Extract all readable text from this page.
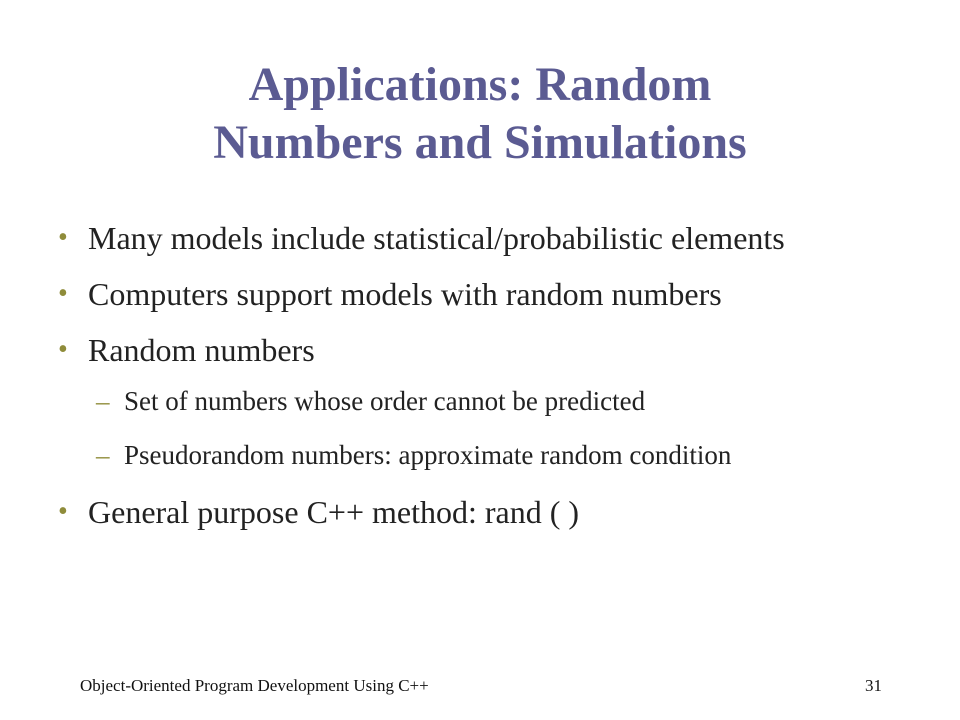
Applications: Random
Numbers and Simulations
• Many models include statistical/probabilistic elements
• Computers support models with random numbers
• Random numbers
– Set of numbers whose order cannot be predicted
– Pseudorandom numbers: approximate random condition
• General purpose C++ method: rand ( )
Object-Oriented Program Development Using C++	31
